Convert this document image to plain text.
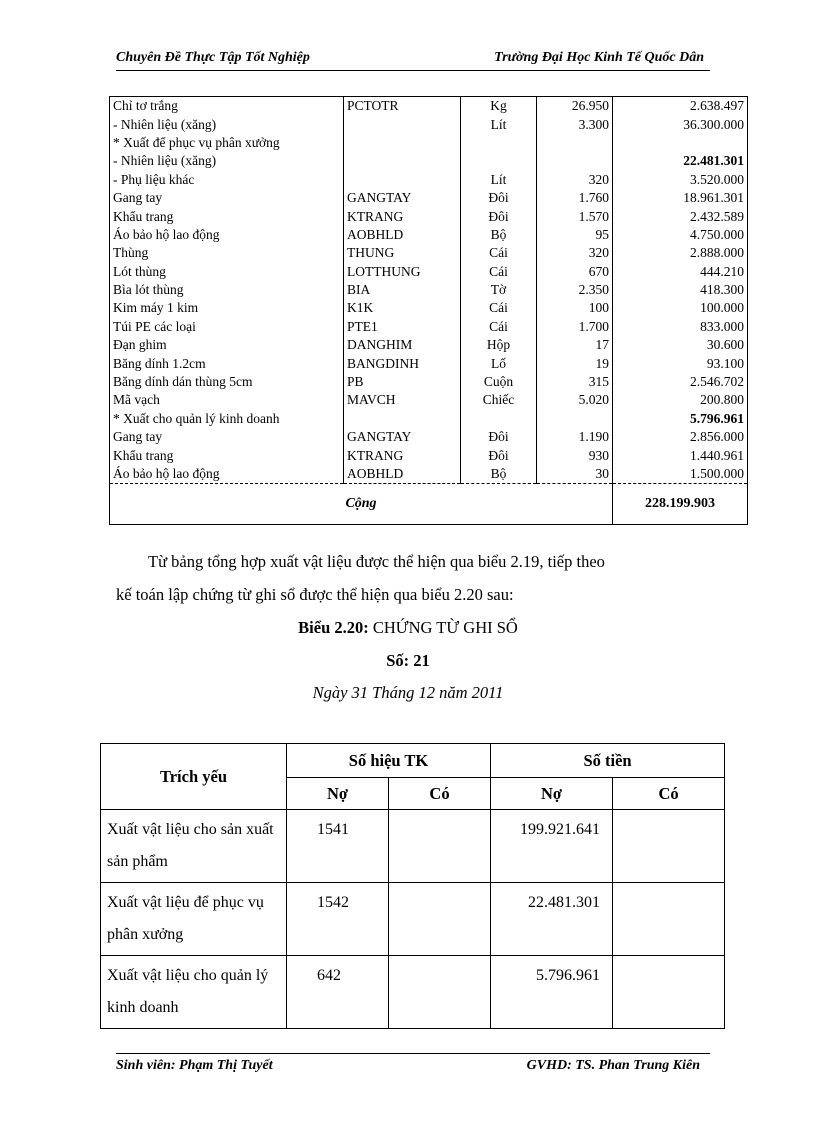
Chuyên Đề Thực Tập Tốt Nghiệp	Trường Đại Học Kinh Tế Quốc Dân
Chỉ tơ trắng	PCTOTR	Kg	26.950	2.638.497
- Nhiên liệu (xăng)		Lít	3.300	36.300.000
* Xuất để phục vụ phân xưởng				
- Nhiên liệu (xăng)				22.481.301
- Phụ liệu khác		Lít	320	3.520.000
Gang tay	GANGTAY	Đôi	1.760	18.961.301
Khẩu trang	KTRANG	Đôi	1.570	2.432.589
Áo bảo hộ lao động	AOBHLD	Bộ	95	4.750.000
Thùng	THUNG	Cái	320	2.888.000
Lót thùng	LOTTHUNG	Cái	670	444.210
Bìa lót thùng	BIA	Tờ	2.350	418.300
Kim máy 1 kim	K1K	Cái	100	100.000
Túi PE các loại	PTE1	Cái	1.700	833.000
Đạn ghim	DANGHIM	Hộp	17	30.600
Băng dính 1.2cm	BANGDINH	Lố	19	93.100
Băng dính dán thùng 5cm	PB	Cuộn	315	2.546.702
Mã vạch	MAVCH	Chiếc	5.020	200.800
* Xuất cho quản lý kinh doanh				5.796.961
Gang tay	GANGTAY	Đôi	1.190	2.856.000
Khẩu trang	KTRANG	Đôi	930	1.440.961
Áo bảo hộ lao động	AOBHLD	Bộ	30	1.500.000
Cộng				228.199.903
Từ bảng tổng hợp xuất vật liệu được thể hiện qua biểu 2.19, tiếp theo
kế toán lập chứng từ ghi sổ được thể hiện qua biểu 2.20 sau:
Biểu 2.20: CHỨNG TỪ GHI SỔ
Số: 21
Ngày 31 Tháng 12 năm 2011
Trích yếu	Số hiệu TK		Số tiền	
	Nợ	Có	Nợ	Có
Xuất vật liệu cho sản xuất sản phẩm	1541		199.921.641	
Xuất vật liệu để phục vụ phân xưởng	1542		22.481.301	
Xuất vật liệu cho quản lý kinh doanh	642		5.796.961	
Sinh viên: Phạm Thị Tuyết	GVHD: TS. Phan Trung Kiên
